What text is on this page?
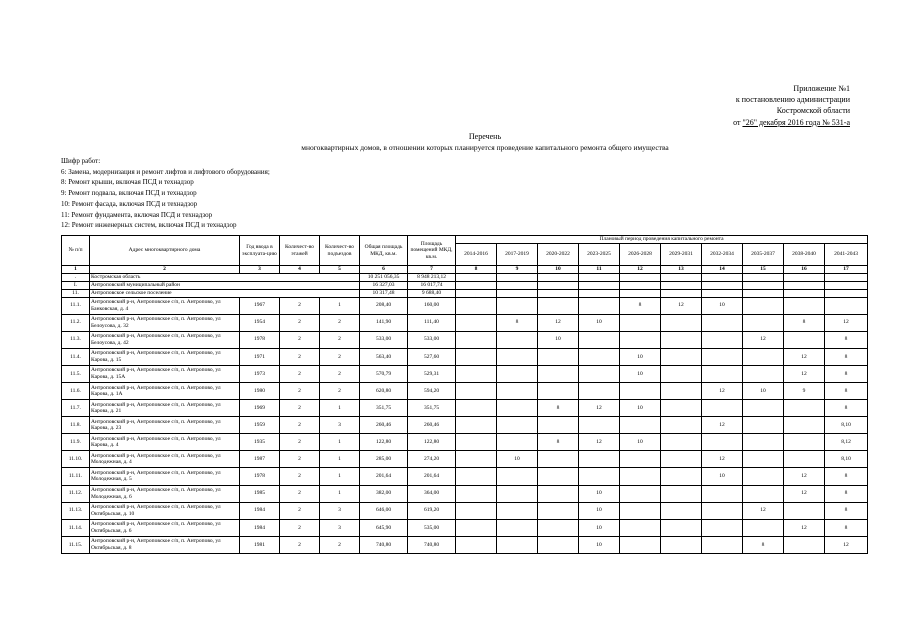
Приложение №1
к постановлению администрации
Костромской области
от "26" декабря 2016 года № 531-а
Перечень
многоквартирных домов, в отношении которых планируется проведение капитального ремонта общего имущества
Шифр работ:
6: Замена, модернизация и ремонт лифтов и лифтового оборудования;
8: Ремонт крыши, включая ПСД и технадзор
9: Ремонт подвала, включая ПСД и технадзор
10: Ремонт фасада, включая ПСД и технадзор
11: Ремонт фундамента, включая ПСД и технадзор
12: Ремонт инженерных систем, включая ПСД и технадзор
№ п/п	Адрес многоквартирного дома	Год ввода в эксплуата-цию	Количест-во этажей	Количест-во подъездов	Общая площадь МКД, кв.м.	Площадь помещений МКД, кв.м.	Плановый период проведения капитального ремонта									
							2014-2016	2017-2019	2020-2022	2023-2025	2026-2028	2029-2031	2032-2034	2035-2037	2038-2040	2041-2043
1	2	3	4	5	6	7	8	9	10	11	12	13	14	15	16	17
.	Костромская область				10 251 056,35	8 948 213,12										
I.	Антроповский муниципальный район				16 327,03	16 017,74										
11.	Антроповское сельское поселение				10 317,48	9 688,40										
11.1.	Антроповский р-н, Антроповское с/п, п. Антропово, ул Банковская, д. 4	1967	2	1	208,40	160,00					8	12	10			
11.2.	Антроповский р-н, Антроповское с/п, п. Антропово, ул Белоусова, д. 32	1954	2	2	141,90	111,40		8	12	10					8	12
11.3.	Антроповский р-н, Антроповское с/п, п. Антропово, ул Белоусова, д. 42	1978	2	2	533,00	533,00			10					12		8
11.4.	Антроповский р-н, Антроповское с/п, п. Антропово, ул Карова, д. 15	1971	2	2	563,40	527,60					10				12	8
11.5.	Антроповский р-н, Антроповское с/п, п. Антропово, ул Карова, д. 15А	1973	2	2	570,79	529,31					10				12	8
11.6.	Антроповский р-н, Антроповское с/п, п. Антропово, ул Карова, д. 1А	1980	2	2	620,80	594,20							12	10	9	8
11.7.	Антроповский р-н, Антроповское с/п, п. Антропово, ул Карова, д. 21	1969	2	1	351,75	351,75			8	12	10					8
11.8.	Антроповский р-н, Антроповское с/п, п. Антропово, ул Карова, д. 23	1959	2	3	260,46	260,46							12			8,10
11.9.	Антроповский р-н, Антроповское с/п, п. Антропово, ул Карова, д. 4	1935	2	1	122,80	122,80			8	12	10					8,12
11.10.	Антроповский р-н, Антроповское с/п, п. Антропово, ул Молодежная, д. 4	1987	2	1	285,00	274,20		10					12			8,10
11.11.	Антроповский р-н, Антроповское с/п, п. Антропово, ул Молодежная, д. 5	1978	2	1	201,64	201,64							10		12	8
11.12.	Антроповский р-н, Антроповское с/п, п. Антропово, ул Молодежная, д. 6	1985	2	1	382,00	364,00				10					12	8
11.13.	Антроповский р-н, Антроповское с/п, п. Антропово, ул Октябрьская, д. 10	1984	2	3	646,00	619,20				10				12		8
11.14.	Антроповский р-н, Антроповское с/п, п. Антропово, ул Октябрьская, д. 6	1984	2	3	645,90	535,00				10					12	8
11.15.	Антроповский р-н, Антроповское с/п, п. Антропово, ул Октябрьская, д. 8	1981	2	2	740,80	740,80				10				8		12
